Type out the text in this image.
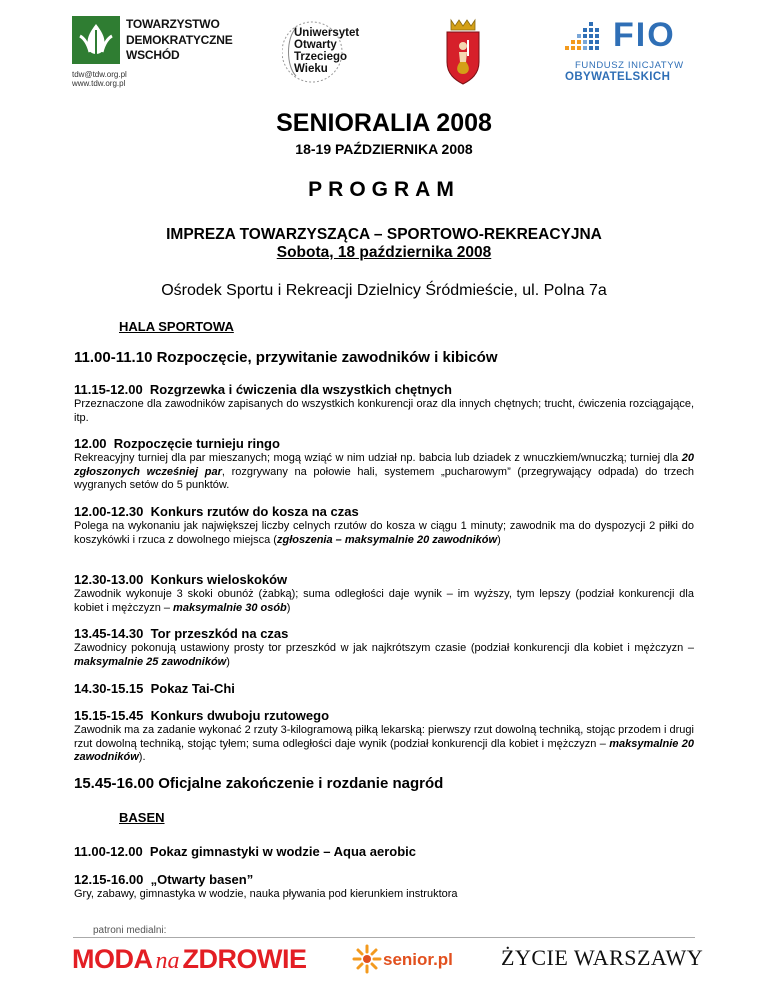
TOWARZYSTWO
DEMOKRATYCZNE
WSCHÓD
tdw@tdw.org.pl
www.tdw.org.pl
Uniwersytet
Otwarty
Trzeciego
Wieku
FIO
FUNDUSZ INICJATYW
OBYWATELSKICH
SENIORALIA 2008
18-19 PAŹDZIERNIKA 2008
PROGRAM
IMPREZA TOWARZYSZĄCA – SPORTOWO-REKREACYJNA
Sobota, 18 października 2008
Ośrodek Sportu i Rekreacji Dzielnicy Śródmieście, ul. Polna 7a
HALA SPORTOWA
11.00-11.10 Rozpoczęcie, przywitanie zawodników i kibiców
11.15-12.00 Rozgrzewka i ćwiczenia dla wszystkich chętnych
Przeznaczone dla zawodników zapisanych do wszystkich konkurencji oraz dla innych chętnych; trucht, ćwiczenia rozciągające, itp.
12.00 Rozpoczęcie turnieju ringo
Rekreacyjny turniej dla par mieszanych; mogą wziąć w nim udział np. babcia lub dziadek z wnuczkiem/wnuczką; turniej dla 20 zgłoszonych wcześniej par, rozgrywany na połowie hali, systemem „pucharowym” (przegrywający odpada) do trzech wygranych setów do 5 punktów.
12.00-12.30 Konkurs rzutów do kosza na czas
Polega na wykonaniu jak największej liczby celnych rzutów do kosza w ciągu 1 minuty; zawodnik ma do dyspozycji 2 piłki do koszykówki i rzuca z dowolnego miejsca (zgłoszenia – maksymalnie 20 zawodników)
12.30-13.00 Konkurs wieloskoków
Zawodnik wykonuje 3 skoki obunóż (żabką); suma odległości daje wynik – im wyższy, tym lepszy (podział konkurencji dla kobiet i mężczyzn – maksymalnie 30 osób)
13.45-14.30 Tor przeszkód na czas
Zawodnicy pokonują ustawiony prosty tor przeszkód w jak najkrótszym czasie (podział konkurencji dla kobiet i mężczyzn – maksymalnie 25 zawodników)
14.30-15.15 Pokaz Tai-Chi
15.15-15.45 Konkurs dwuboju rzutowego
Zawodnik ma za zadanie wykonać 2 rzuty 3-kilogramową piłką lekarską: pierwszy rzut dowolną techniką, stojąc przodem i drugi rzut dowolną techniką, stojąc tyłem; suma odległości daje wynik (podział konkurencji dla kobiet i mężczyzn – maksymalnie 20 zawodników).
15.45-16.00 Oficjalne zakończenie i rozdanie nagród
BASEN
11.00-12.00 Pokaz gimnastyki w wodzie – Aqua aerobic
12.15-16.00 „Otwarty basen”
Gry, zabawy, gimnastyka w wodzie, nauka pływania pod kierunkiem instruktora
patroni medialni:
MODA na ZDROWIE	senior.pl ŻYCIE WARSZAWY
